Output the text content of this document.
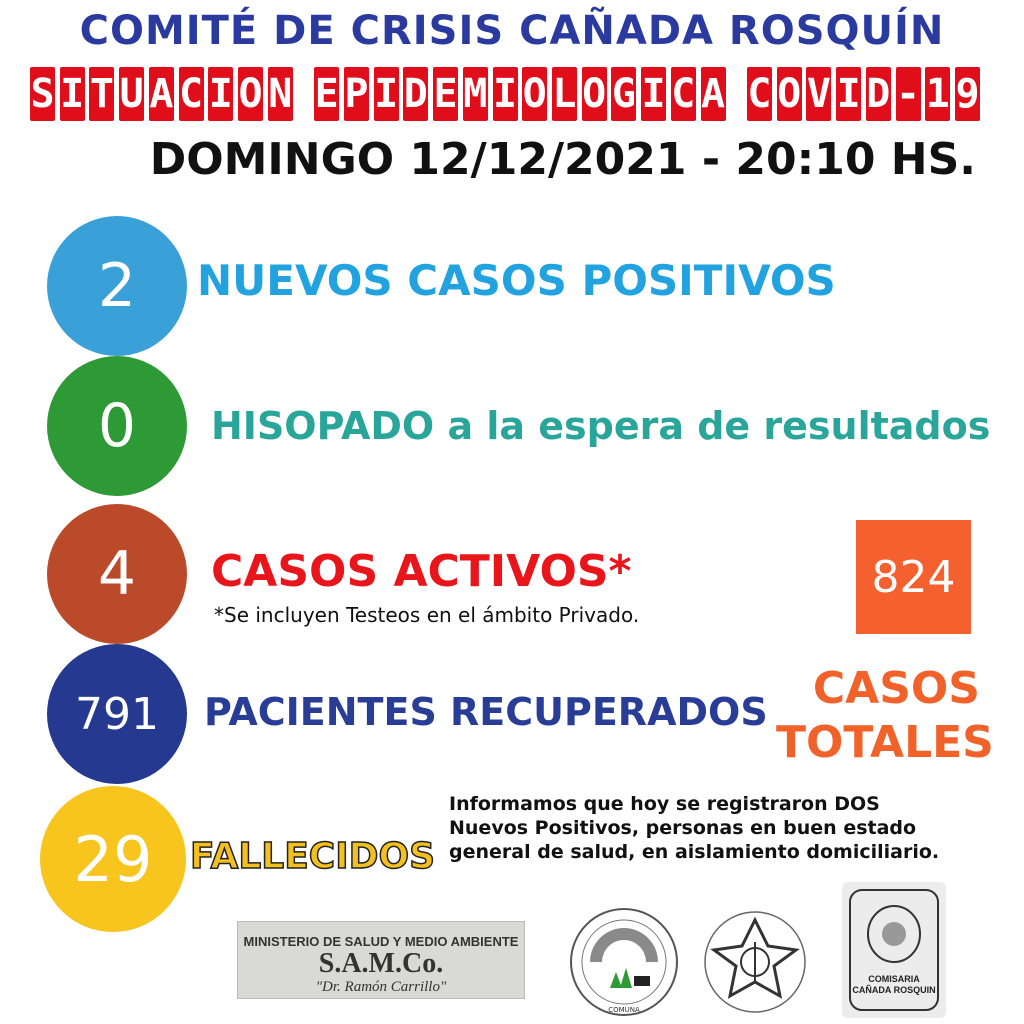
COMITÉ DE CRISIS CAÑADA ROSQUÍN
S I T U A C I O N E P I D E M I O L O G I C A C O V I D - 1 9
DOMINGO 12/12/2021 - 20:10 HS.
2 NUEVOS CASOS POSITIVOS
0 HISOPADO a la espera de resultados
4 CASOS ACTIVOS*
*Se incluyen Testeos en el ámbito Privado.
824
CASOS
TOTALES
791 PACIENTES RECUPERADOS
29 FALLECIDOS
Informamos que hoy se registraron DOS
Nuevos Positivos, personas en buen estado
general de salud, en aislamiento domiciliario.
MINISTERIO DE SALUD Y MEDIO AMBIENTE
S.A.M.Co.
"Dr. Ramón Carrillo"
COMUNA
COMISARIA
CAÑADA ROSQUIN
